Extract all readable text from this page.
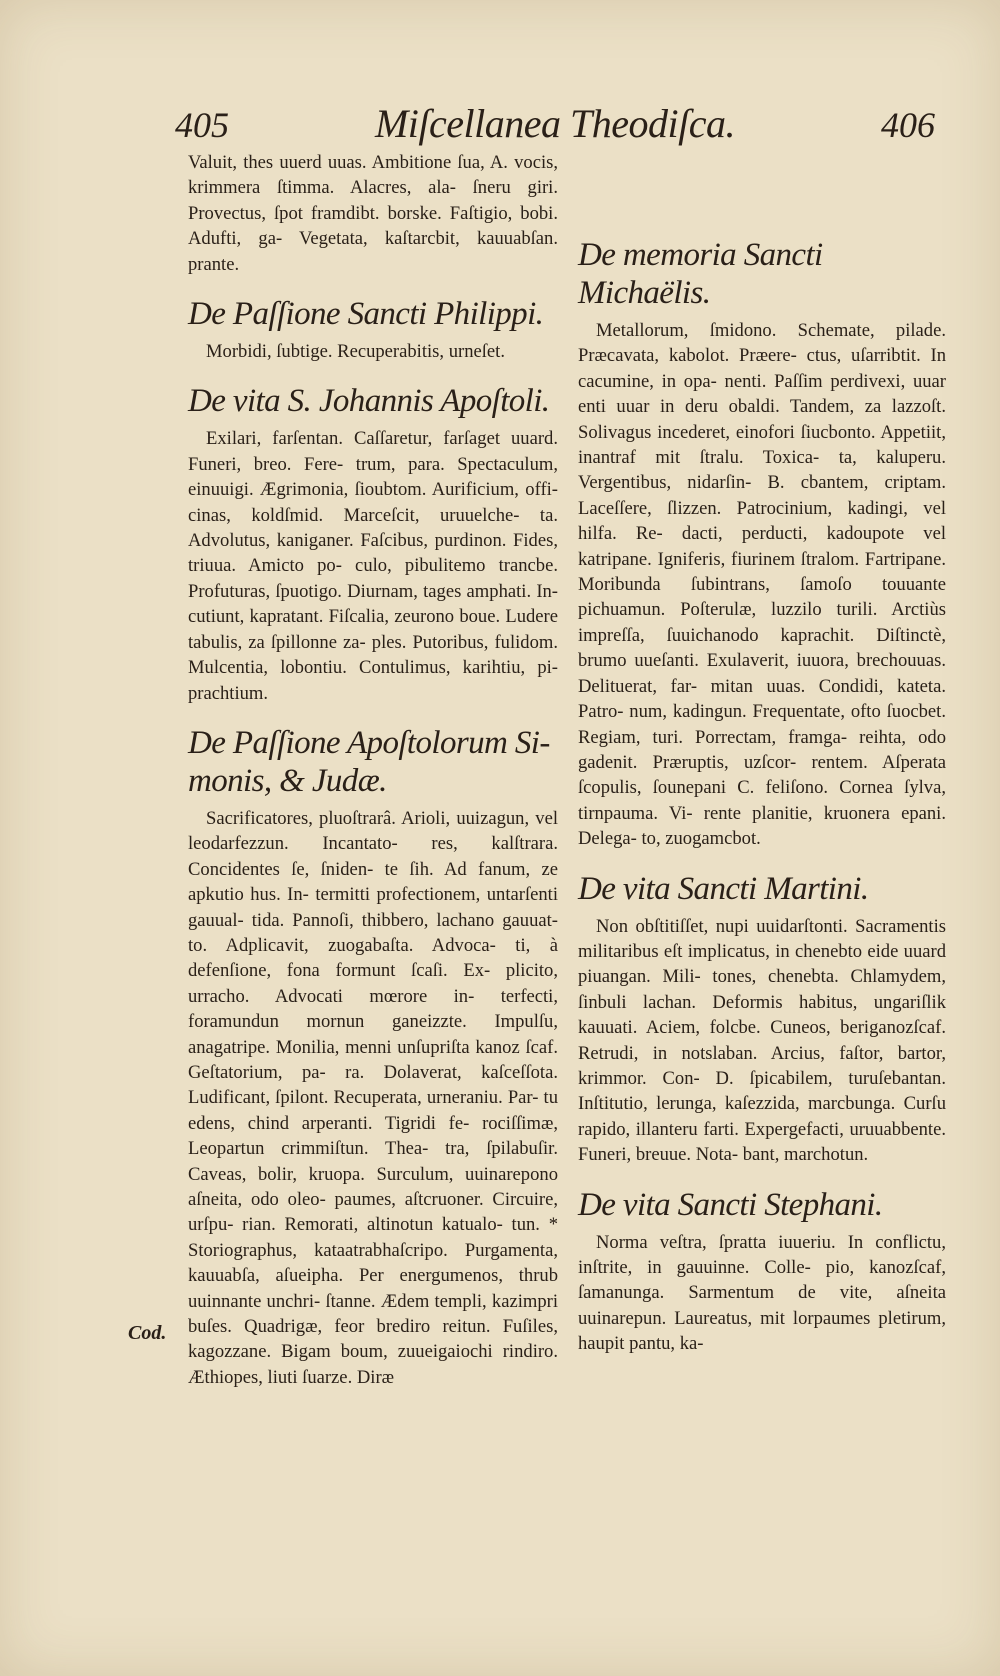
405	Miſcellanea Theodiſca.	406

Valuit, thes uuerd uuas. Ambitione ſua, A. vocis, krimmera ſtimma. Alacres, ala- ſneru giri. Provectus, ſpot framdibt. borske. Faſtigio, bobi. Adufti, ga- Vegetata, kaſtarcbit, kauuabſan. prante.

De Paſſione Sancti Philippi.

Morbidi, ſubtige. Recuperabitis, urneſet.

De vita S. Johannis Apoſtoli.

Exilari, farſentan. Caſſaretur, farſaget uuard. Funeri, breo. Fere- trum, para. Spectaculum, einuuigi. Ægrimonia, ſioubtom. Aurificium, offi- cinas, koldſmid. Marceſcit, uruuelche- ta. Advolutus, kaniganer. Faſcibus, purdinon. Fides, triuua. Amicto po- culo, pibulitemo trancbe. Profuturas, ſpuotigo. Diurnam, tages amphati. In- cutiunt, kapratant. Fiſcalia, zeurono boue. Ludere tabulis, za ſpillonne za- ples. Putoribus, fulidom. Mulcentia, lobontiu. Contulimus, karihtiu, pi- prachtium.

De Paſſione Apoſtolorum Si- monis, & Judæ.

Sacrificatores, pluoſtrarâ. Arioli, uuizagun, vel leodarfezzun. Incantato- res, kalſtrara. Concidentes ſe, ſniden- te ſih. Ad fanum, ze apkutio hus. In- termitti profectionem, untarſenti gauual- tida. Pannoſi, thibbero, lachano gauuat- to. Adplicavit, zuogabaſta. Advoca- ti, à defenſione, fona formunt ſcaſi. Ex- plicito, urracho. Advocati mœrore in- terfecti, foramundun mornun ganeizzte. Impulſu, anagatripe. Monilia, menni unſupriſta kanoz ſcaf. Geſtatorium, pa- ra. Dolaverat, kaſceſſota. Ludificant, ſpilont. Recuperata, urneraniu. Par- tu edens, chind arperanti. Tigridi fe- rociſſimæ, Leopartun crimmiſtun. Thea- tra, ſpilabuſir. Caveas, bolir, kruopa. Surculum, uuinarepono aſneita, odo oleo- paumes, aſtcruoner. Circuire, urſpu- rian. Remorati, altinotun katualo- tun. * Storiographus, kataatrabhaſcripo. Purgamenta, kauuabſa, aſueipha. Per energumenos, thrub uuinnante unchri- ſtanne. Ædem templi, kazimpri buſes. Quadrigæ, feor brediro reitun. Fuſiles, kagozzane. Bigam boum, zuueigaiochi rindiro. Æthiopes, liuti ſuarze. Diræ

De memoria Sancti Michaëlis.

Metallorum, ſmidono. Schemate, pilade. Præcavata, kabolot. Præere- ctus, uſarribtit. In cacumine, in opa- nenti. Paſſim perdivexi, uuar enti uuar in deru obaldi. Tandem, za lazzoſt. Solivagus incederet, einofori ſiucbonto. Appetiit, inantraf mit ſtralu. Toxica- ta, kaluperu. Vergentibus, nidarſin- B. cbantem, criptam. Laceſſere, ſlizzen. Patrocinium, kadingi, vel hilfa. Re- dacti, perducti, kadoupote vel katripane. Igniferis, fiurinem ſtralom. Fartripane. Moribunda ſubintrans, ſamoſo touuante pichuamun. Poſterulæ, luzzilo turili. Arctiùs impreſſa, ſuuichanodo kaprachit. Diſtinctè, brumo uueſanti. Exulaverit, iuuora, brechouuas. Delituerat, far- mitan uuas. Condidi, kateta. Patro- num, kadingun. Frequentate, ofto ſuocbet. Regiam, turi. Porrectam, framga- reihta, odo gadenit. Præruptis, uzſcor- rentem. Aſperata ſcopulis, ſounepani C. feliſono. Cornea ſylva, tirnpauma. Vi- rente planitie, kruonera epani. Delega- to, zuogamcbot.

De vita Sancti Martini.

Non obſtitiſſet, nupi uuidarſtonti. Sacramentis militaribus eſt implicatus, in chenebto eide uuard piuangan. Mili- tones, chenebta. Chlamydem, ſinbuli lachan. Deformis habitus, ungariſlik kauuati. Aciem, folcbe. Cuneos, beriganozſcaf. Retrudi, in notslaban. Arcius, faſtor, bartor, krimmor. Con- D. ſpicabilem, turuſebantan. Inſtitutio, lerunga, kaſezzida, marcbunga. Curſu rapido, illanteru farti. Expergefacti, uruuabbente. Funeri, breuue. Nota- bant, marchotun.

De vita Sancti Stephani.

Norma veſtra, ſpratta iuueriu. In conflictu, inſtrite, in gauuinne. Colle- pio, kanozſcaf, ſamanunga. Sarmentum de vite, aſneita uuinarepun. Laureatus, mit lorpaumes pletirum, haupit pantu, ka-

Cod.
